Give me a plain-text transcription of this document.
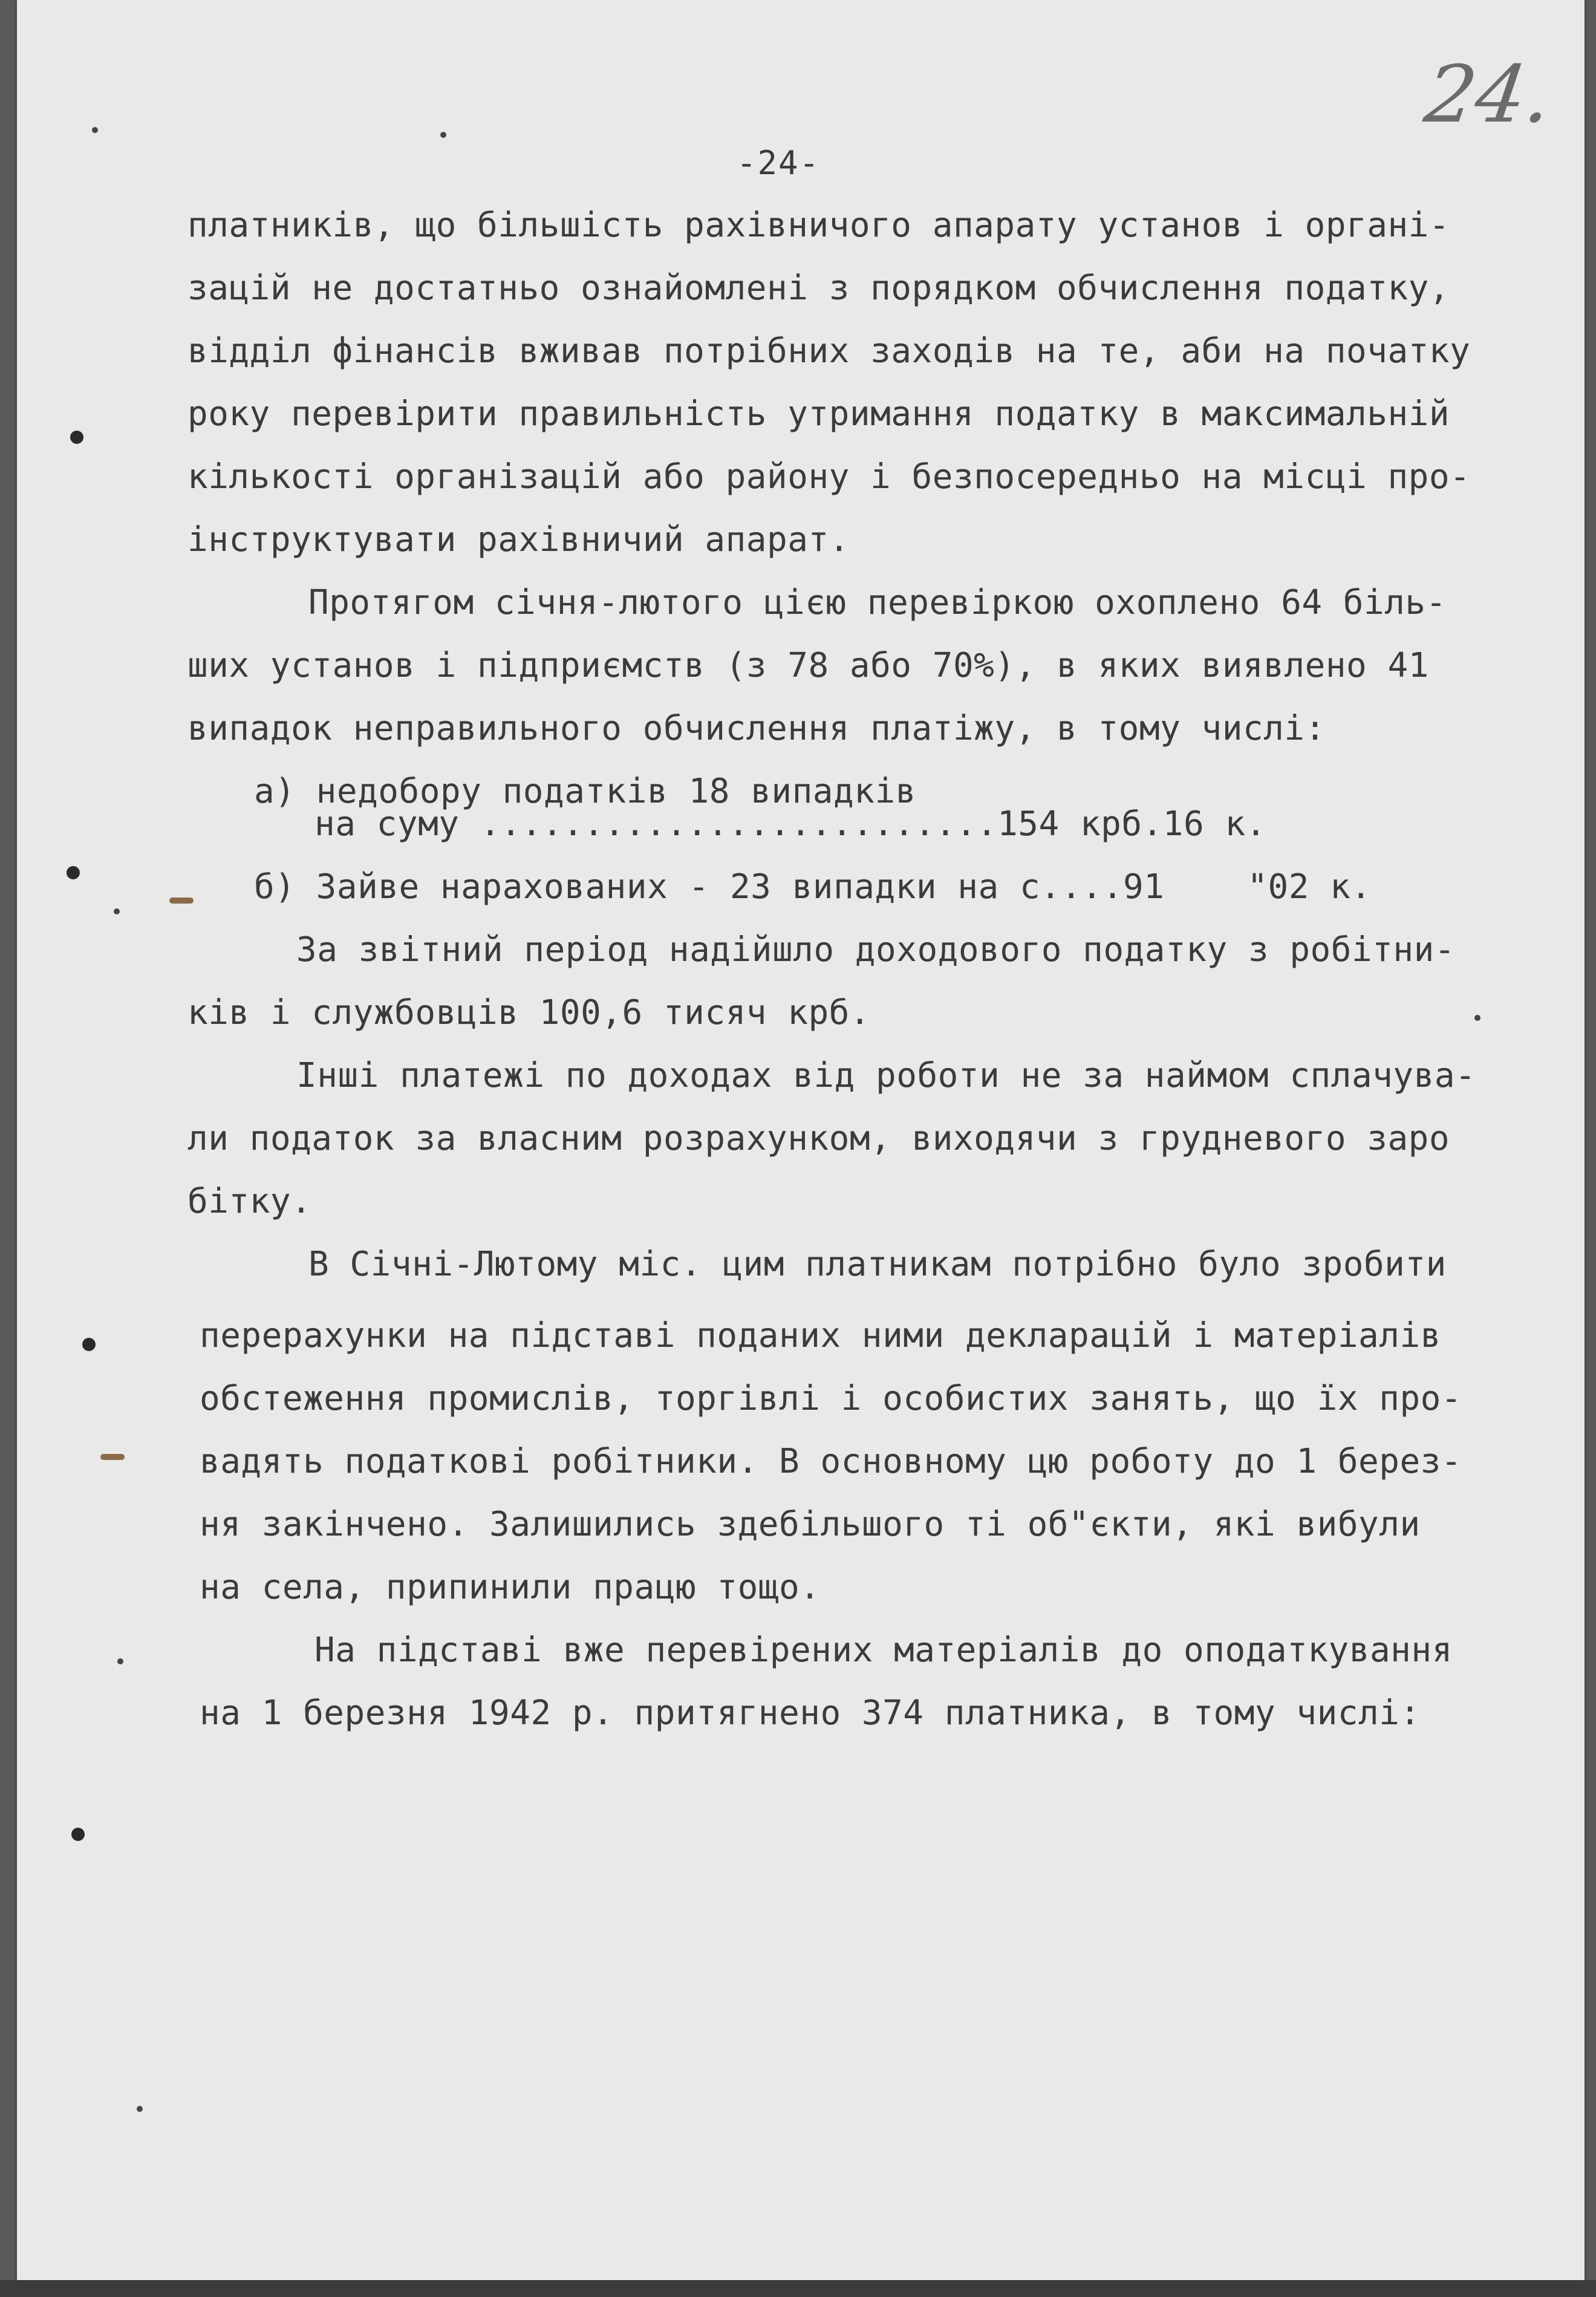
24.
-24-
платників, що більшість рахівничого апарату установ і органі-
зацій не достатньо ознайомлені з порядком обчислення податку,
відділ фінансів вживав потрібних заходів на те, аби на початку
року перевірити правильність утримання податку в максимальній
кількості організацій або району і безпосередньо на місці про-
інструктувати рахівничий апарат.
Протягом січня-лютого цією перевіркою охоплено 64 біль-
ших установ і підприємств (з 78 або 70%), в яких виявлено 41
випадок неправильного обчислення платіжу, в тому числі:
а) недобору податків 18 випадків
на суму .........................154 крб.16 к.
б) Зайве нарахованих - 23 випадки на с....91    "02 к.
За звітний період надійшло доходового податку з робітни-
ків і службовців 100,6 тисяч крб.
Інші платежі по доходах від роботи не за наймом сплачува-
ли податок за власним розрахунком, виходячи з грудневого заро
бітку.
В Січні-Лютому міс. цим платникам потрібно було зробити
перерахунки на підставі поданих ними декларацій і матеріалів
обстеження промислів, торгівлі і особистих занять, що їх про-
вадять податкові робітники. В основному цю роботу до 1 берез-
ня закінчено. Залишились здебільшого ті об"єкти, які вибули
на села, припинили працю тощо.
На підставі вже перевірених матеріалів до оподаткування
на 1 березня 1942 р. притягнено 374 платника, в тому числі:
